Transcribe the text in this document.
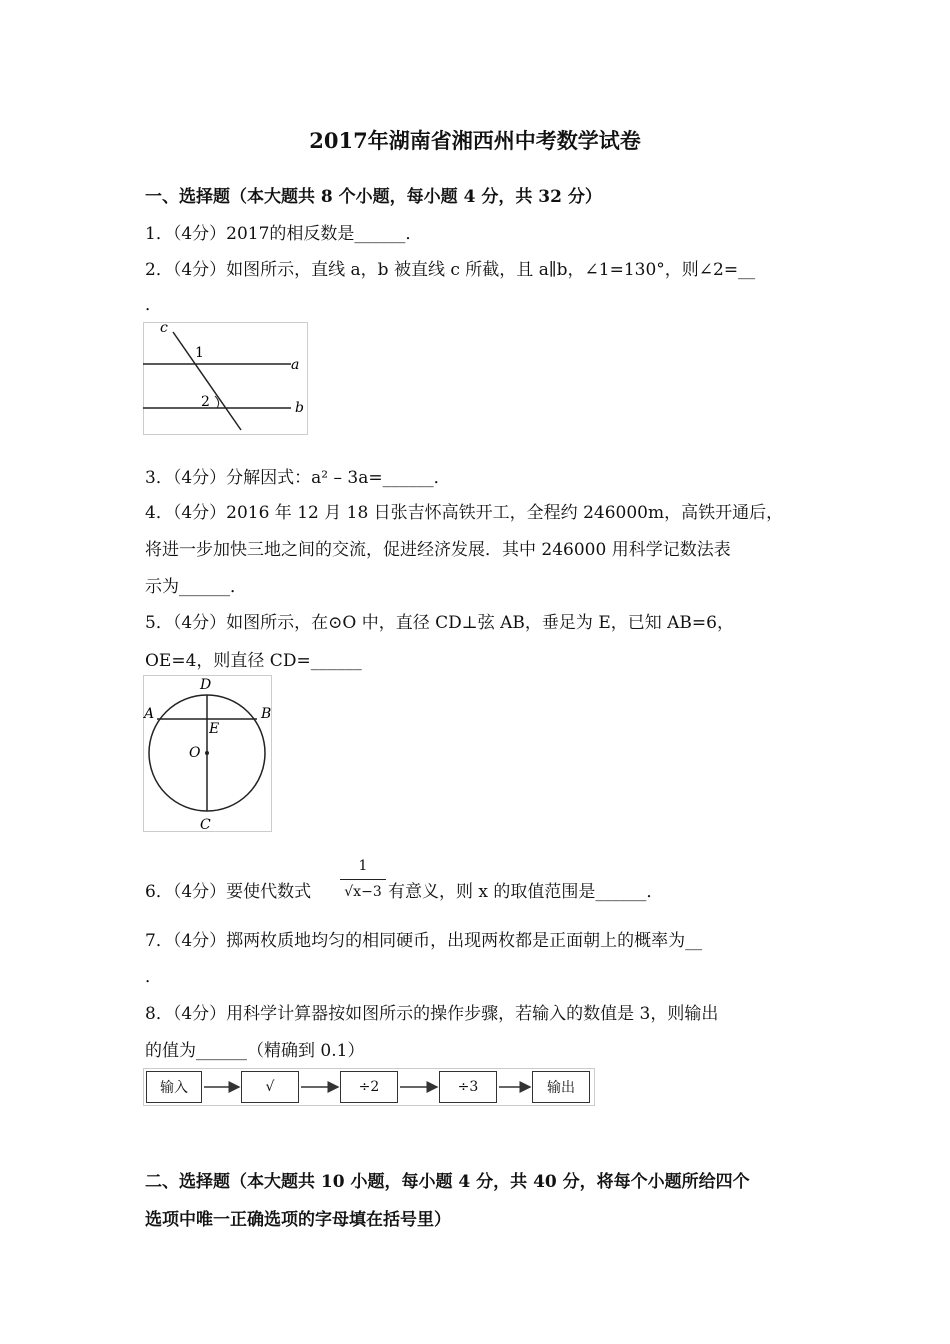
2017年湖南省湘西州中考数学试卷
一、选择题（本大题共 8 个小题，每小题 4 分，共 32 分）
1．（4分）2017的相反数是______．
2．（4分）如图所示，直线 a，b 被直线 c 所截，且 a∥b，∠1=130°，则∠2=__
．
c
1
2
a
b
3．（4分）分解因式：a² – 3a=______．
4．（4分）2016 年 12 月 18 日张吉怀高铁开工，全程约 246000m，高铁开通后，
将进一步加快三地之间的交流，促进经济发展．其中 246000 用科学记数法表
示为______．
5．（4分）如图所示，在⊙O 中，直径 CD⊥弦 AB，垂足为 E，已知 AB=6，
OE=4，则直径 CD=______
D
A	B
E
O
C
6．（4分）要使代数式
1
√x−3 有意义，则 x 的取值范围是______．
7．（4分）掷两枚质地均匀的相同硬币，出现两枚都是正面朝上的概率为__
．
8．（4分）用科学计算器按如图所示的操作步骤，若输入的数值是 3，则输出
的值为______（精确到 0.1）
输入	√	÷2	÷3	输出
二、选择题（本大题共 10 小题，每小题 4 分，共 40 分，将每个小题所给四个
选项中唯一正确选项的字母填在括号里）
